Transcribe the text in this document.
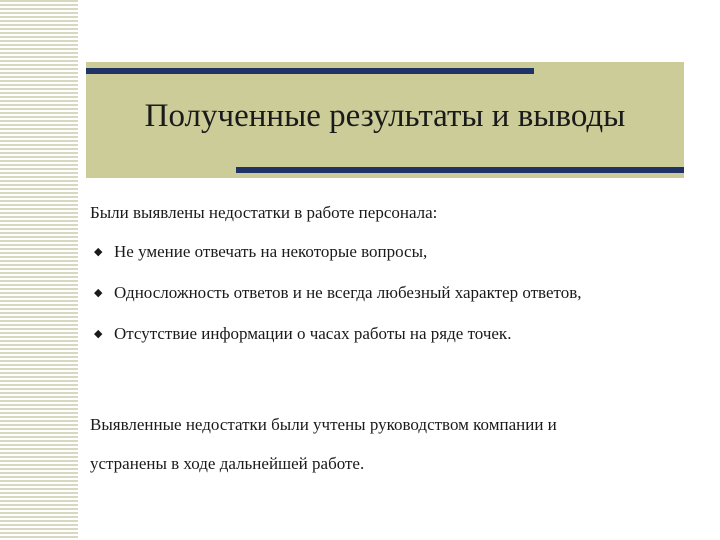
Полученные результаты и выводы
Были выявлены недостатки в работе персонала:
◆ Не умение отвечать на некоторые вопросы,
◆ Односложность ответов и не всегда любезный характер ответов,
◆ Отсутствие информации о часах работы на ряде точек.
Выявленные недостатки были учтены руководством компании и
устранены в ходе дальнейшей работе.
